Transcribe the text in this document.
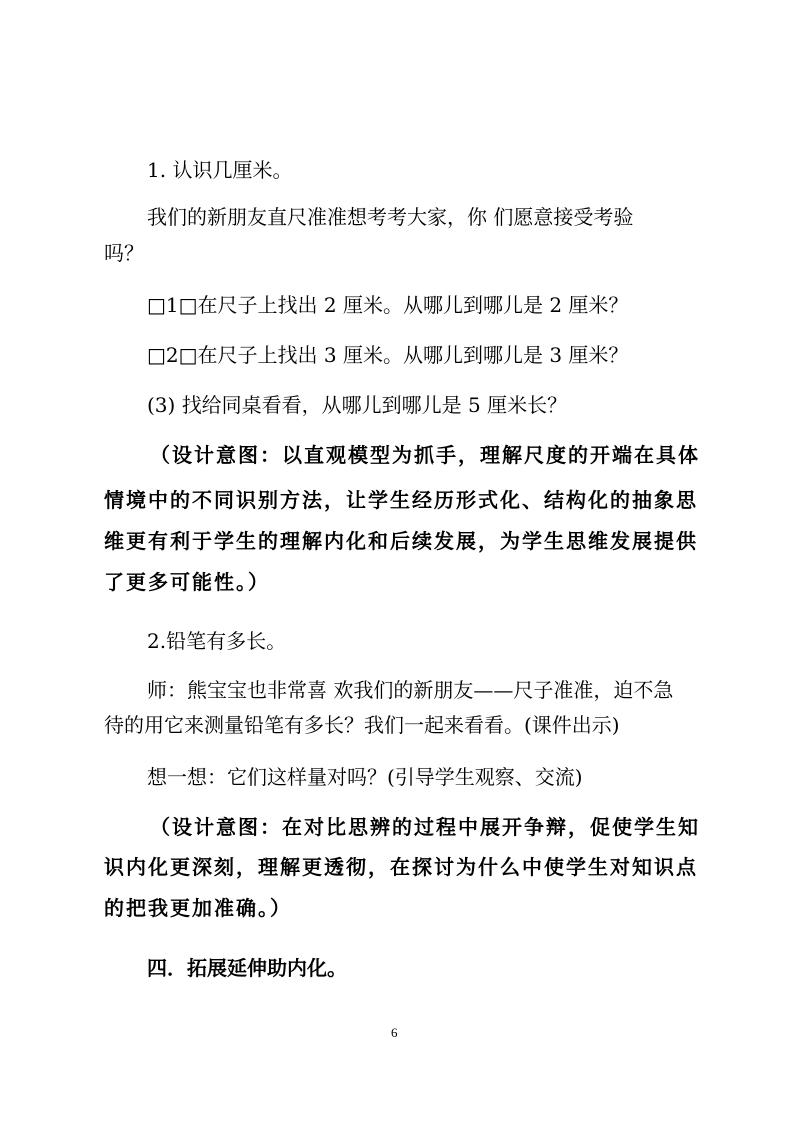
1. 认识几厘米。
我们的新朋友直尺准准想考考大家，你 们愿意接受考验
吗？
□1□在尺子上找出 2 厘米。从哪儿到哪儿是 2 厘米？
□2□在尺子上找出 3 厘米。从哪儿到哪儿是 3 厘米？
(3) 找给同桌看看，从哪儿到哪儿是 5 厘米长？
（设计意图：以直观模型为抓手，理解尺度的开端在具体
情境中的不同识别方法，让学生经历形式化、结构化的抽象思
维更有利于学生的理解内化和后续发展，为学生思维发展提供
了更多可能性。）
2.铅笔有多长。
师：熊宝宝也非常喜 欢我们的新朋友——尺子准准，迫不急
待的用它来测量铅笔有多长？我们一起来看看。(课件出示)
想一想：它们这样量对吗？(引导学生观察、交流)
（设计意图：在对比思辨的过程中展开争辩，促使学生知
识内化更深刻，理解更透彻，在探讨为什么中使学生对知识点
的把我更加准确。）
四．拓展延伸助内化。
6
